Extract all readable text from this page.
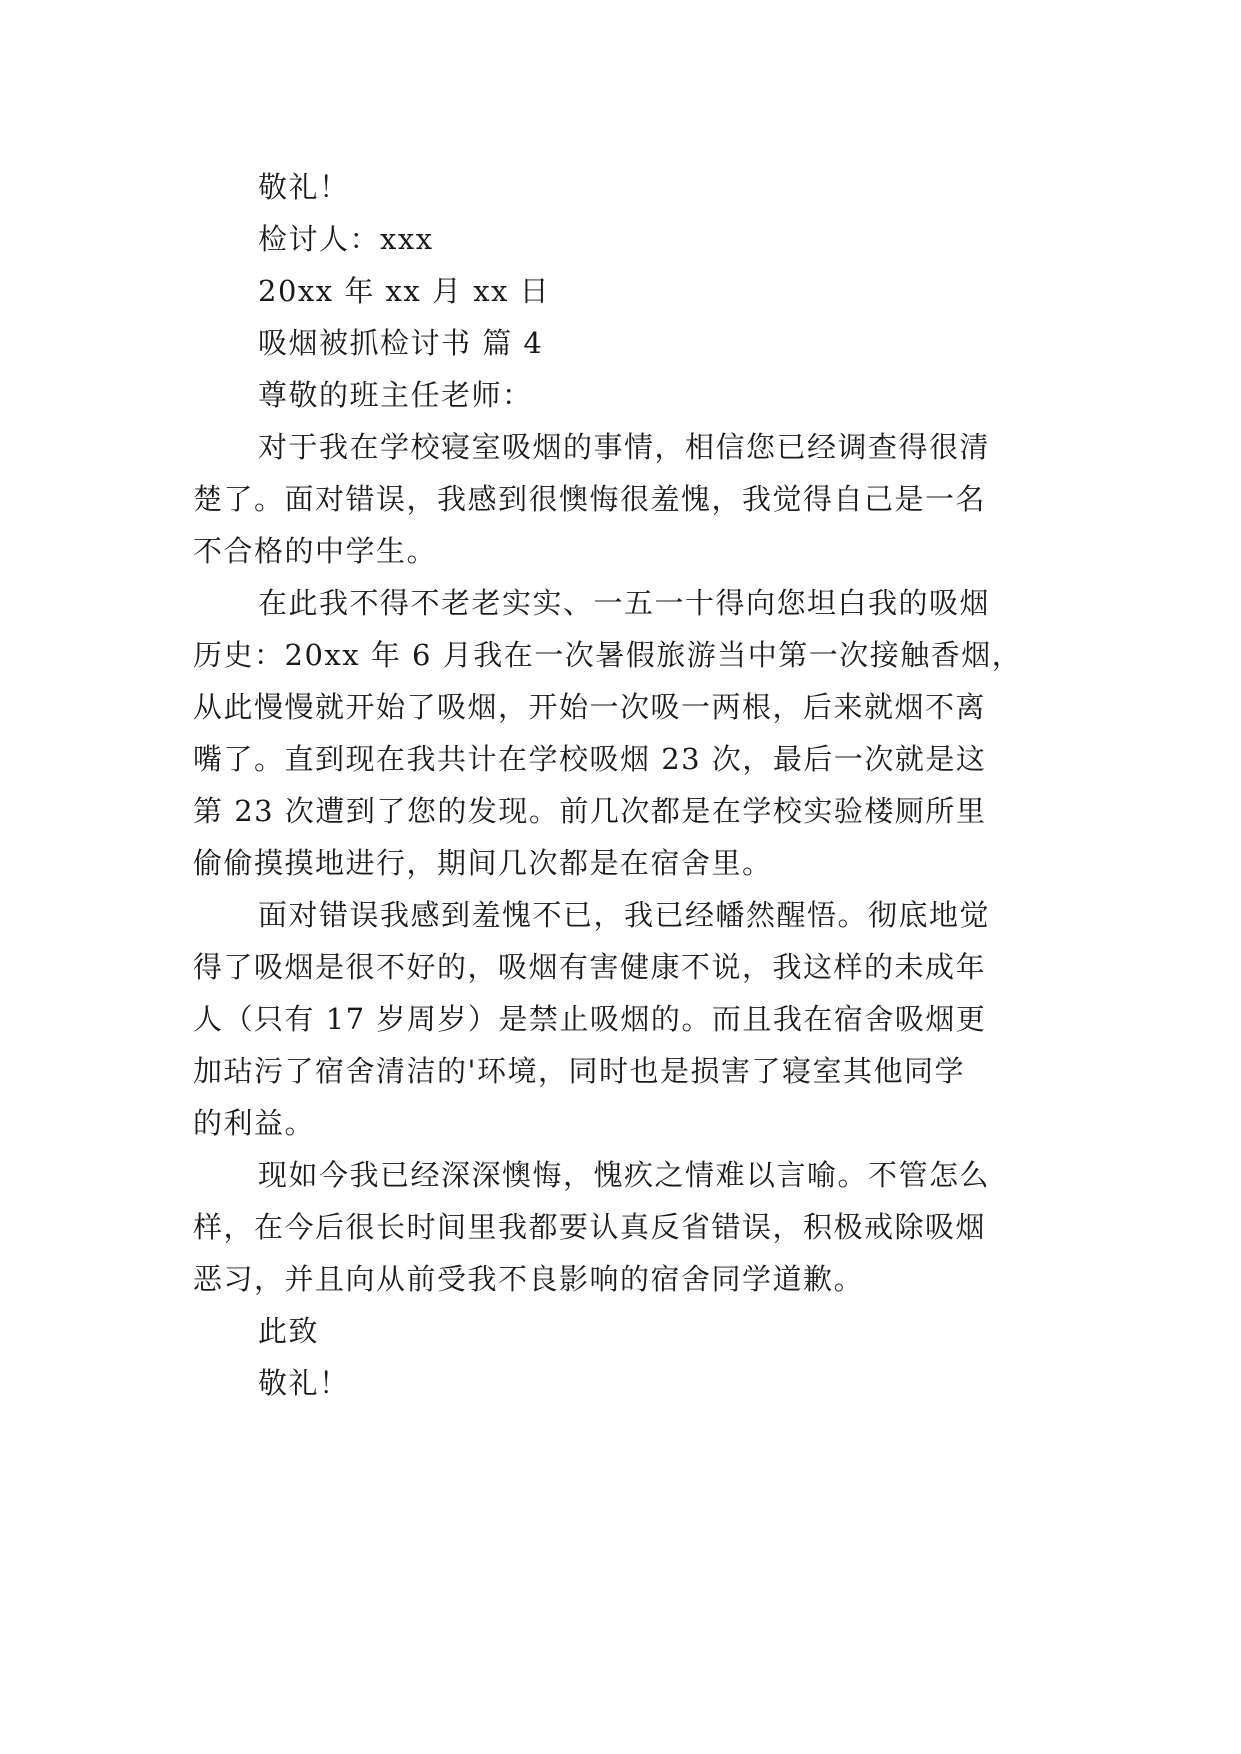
敬礼！
检讨人：xxx
20xx 年 xx 月 xx 日
吸烟被抓检讨书 篇 4
尊敬的班主任老师：
对于我在学校寝室吸烟的事情，相信您已经调查得很清
楚了。面对错误，我感到很懊悔很羞愧，我觉得自己是一名
不合格的中学生。
在此我不得不老老实实、一五一十得向您坦白我的吸烟
历史：20xx 年 6 月我在一次暑假旅游当中第一次接触香烟，
从此慢慢就开始了吸烟，开始一次吸一两根，后来就烟不离
嘴了。直到现在我共计在学校吸烟 23 次，最后一次就是这
第 23 次遭到了您的发现。前几次都是在学校实验楼厕所里
偷偷摸摸地进行，期间几次都是在宿舍里。
面对错误我感到羞愧不已，我已经幡然醒悟。彻底地觉
得了吸烟是很不好的，吸烟有害健康不说，我这样的未成年
人（只有 17 岁周岁）是禁止吸烟的。而且我在宿舍吸烟更
加玷污了宿舍清洁的'环境，同时也是损害了寝室其他同学
的利益。
现如今我已经深深懊悔，愧疚之情难以言喻。不管怎么
样，在今后很长时间里我都要认真反省错误，积极戒除吸烟
恶习，并且向从前受我不良影响的宿舍同学道歉。
此致
敬礼！
